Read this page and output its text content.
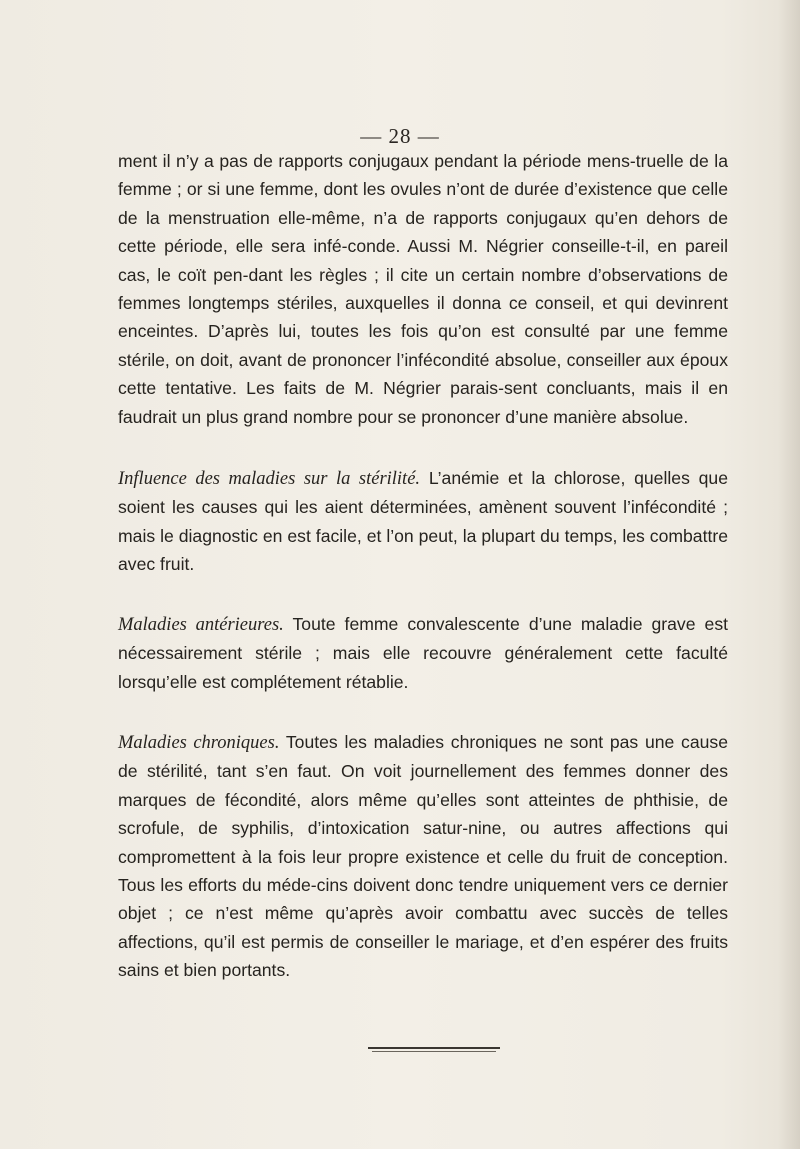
— 28 —

ment il n’y a pas de rapports conjugaux pendant la période mens-truelle de la femme ; or si une femme, dont les ovules n’ont de durée d’existence que celle de la menstruation elle-même, n’a de rapports conjugaux qu’en dehors de cette période, elle sera infé-conde. Aussi M. Négrier conseille-t-il, en pareil cas, le coït pen-dant les règles ; il cite un certain nombre d’observations de femmes longtemps stériles, auxquelles il donna ce conseil, et qui devinrent enceintes. D’après lui, toutes les fois qu’on est consulté par une femme stérile, on doit, avant de prononcer l’infécondité absolue, conseiller aux époux cette tentative. Les faits de M. Négrier parais-sent concluants, mais il en faudrait un plus grand nombre pour se prononcer d’une manière absolue.

Influence des maladies sur la stérilité. L’anémie et la chlorose, quelles que soient les causes qui les aient déterminées, amènent souvent l’infécondité ; mais le diagnostic en est facile, et l’on peut, la plupart du temps, les combattre avec fruit.

Maladies antérieures. Toute femme convalescente d’une maladie grave est nécessairement stérile ; mais elle recouvre généralement cette faculté lorsqu’elle est complétement rétablie.

Maladies chroniques. Toutes les maladies chroniques ne sont pas une cause de stérilité, tant s’en faut. On voit journellement des femmes donner des marques de fécondité, alors même qu’elles sont atteintes de phthisie, de scrofule, de syphilis, d’intoxication satur-nine, ou autres affections qui compromettent à la fois leur propre existence et celle du fruit de conception. Tous les efforts du méde-cins doivent donc tendre uniquement vers ce dernier objet ; ce n’est même qu’après avoir combattu avec succès de telles affections, qu’il est permis de conseiller le mariage, et d’en espérer des fruits sains et bien portants.
